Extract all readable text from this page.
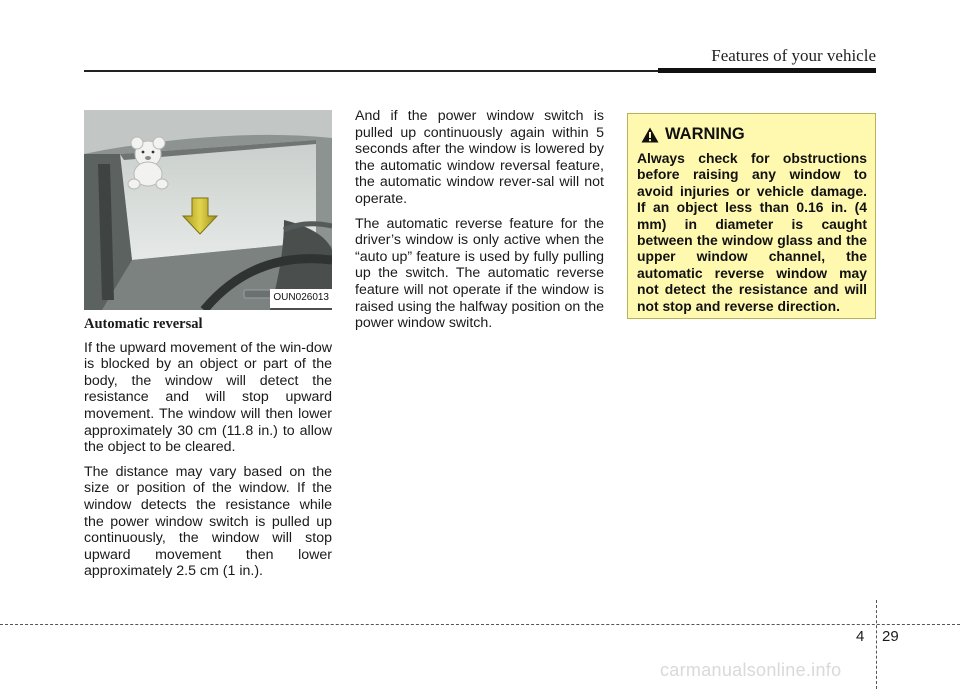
Features of your vehicle
OUN026013
Automatic reversal

If the upward movement of the win-dow is blocked by an object or part of the body, the window will detect the resistance and will stop upward movement. The window will then lower approximately 30 cm (11.8 in.) to allow the object to be cleared.

The distance may vary based on the size or position of the window. If the window detects the resistance while the power window switch is pulled up continuously, the window will stop upward movement then lower approximately 2.5 cm (1 in.).

And if the power window switch is pulled up continuously again within 5 seconds after the window is lowered by the automatic window reversal feature, the automatic window rever-sal will not operate.

The automatic reverse feature for the driver’s window is only active when the “auto up” feature is used by fully pulling up the switch. The automatic reverse feature will not operate if the window is raised using the halfway position on the power window switch.

WARNING

Always check for obstructions before raising any window to avoid injuries or vehicle damage. If an object less than 0.16 in. (4 mm) in diameter is caught between the window glass and the upper window channel, the automatic reverse window may not detect the resistance and will not stop and reverse direction.

4 29
carmanualsonline.info
